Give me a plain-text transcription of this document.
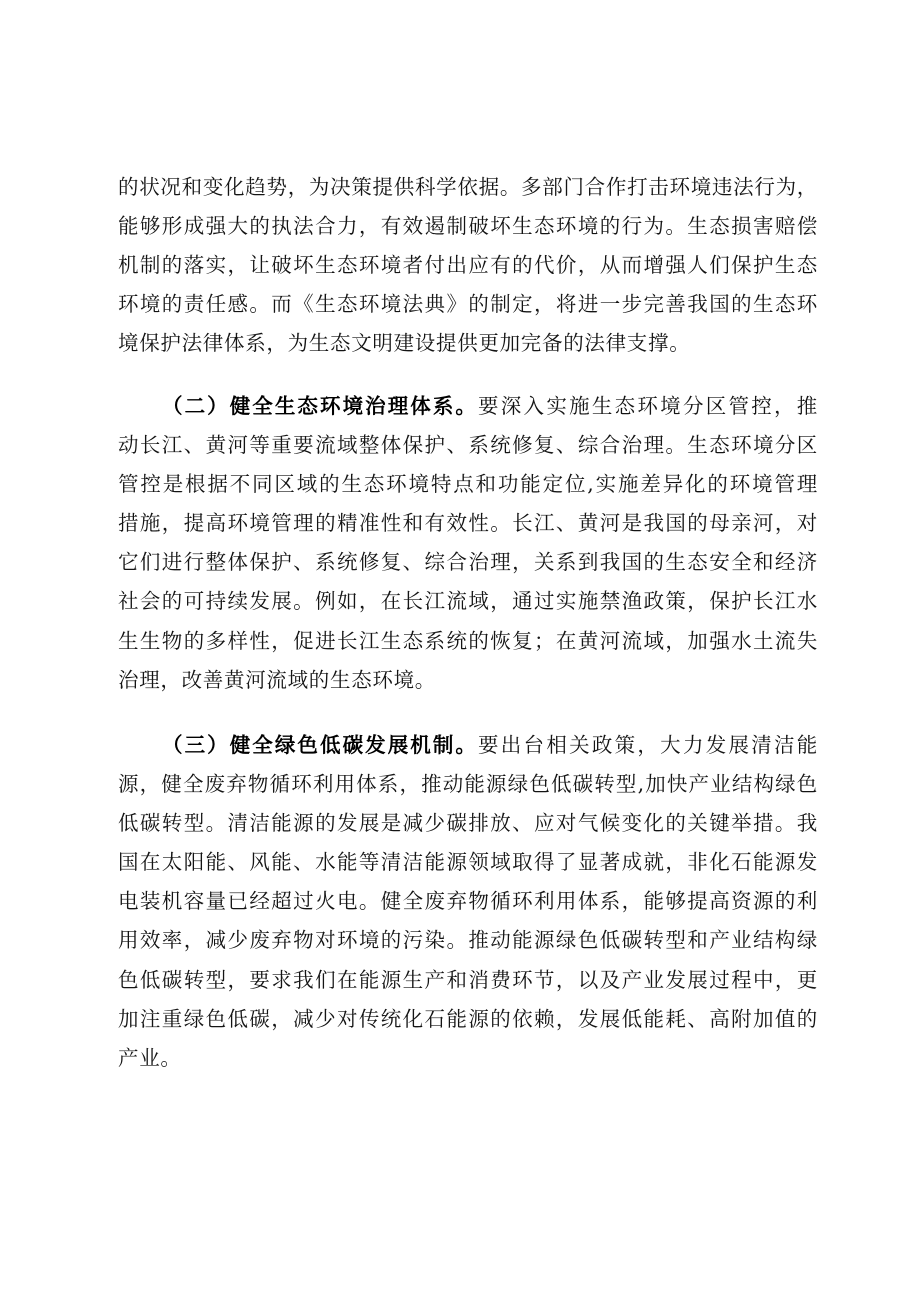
的状况和变化趋势，为决策提供科学依据。多部门合作打击环境违法行为，
能够形成强大的执法合力，有效遏制破坏生态环境的行为。生态损害赔偿
机制的落实，让破坏生态环境者付出应有的代价，从而增强人们保护生态
环境的责任感。而《生态环境法典》的制定，将进一步完善我国的生态环
境保护法律体系，为生态文明建设提供更加完备的法律支撑。
（二）健全生态环境治理体系。要深入实施生态环境分区管控，推
动长江、黄河等重要流域整体保护、系统修复、综合治理。生态环境分区
管控是根据不同区域的生态环境特点和功能定位,实施差异化的环境管理
措施，提高环境管理的精准性和有效性。长江、黄河是我国的母亲河，对
它们进行整体保护、系统修复、综合治理，关系到我国的生态安全和经济
社会的可持续发展。例如，在长江流域，通过实施禁渔政策，保护长江水
生生物的多样性，促进长江生态系统的恢复；在黄河流域，加强水土流失
治理，改善黄河流域的生态环境。
（三）健全绿色低碳发展机制。要出台相关政策，大力发展清洁能
源，健全废弃物循环利用体系，推动能源绿色低碳转型,加快产业结构绿色
低碳转型。清洁能源的发展是减少碳排放、应对气候变化的关键举措。我
国在太阳能、风能、水能等清洁能源领域取得了显著成就，非化石能源发
电装机容量已经超过火电。健全废弃物循环利用体系，能够提高资源的利
用效率，减少废弃物对环境的污染。推动能源绿色低碳转型和产业结构绿
色低碳转型，要求我们在能源生产和消费环节，以及产业发展过程中，更
加注重绿色低碳，减少对传统化石能源的依赖，发展低能耗、高附加值的
产业。
